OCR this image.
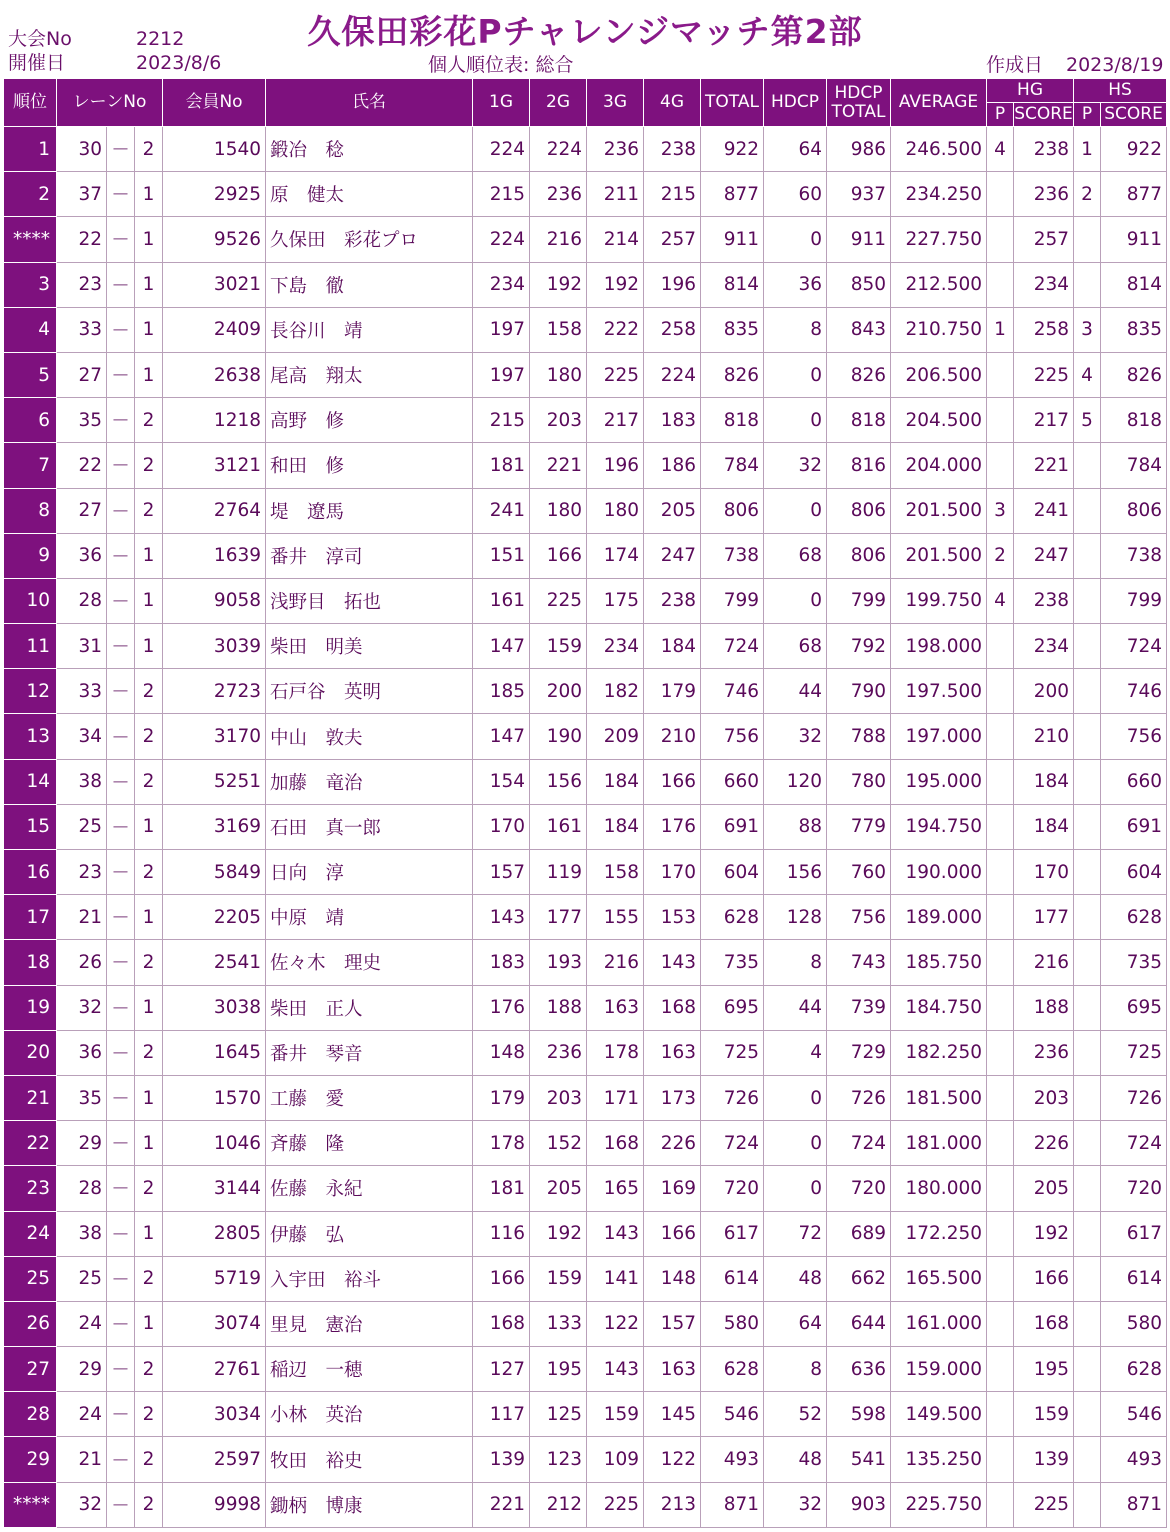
大会No	2212
開催日	2023/8/6
久保田彩花Pチャレンジマッチ第2部
個人順位表: 総合	作成日 2023/8/19
順位	レーンNo			会員No	氏名	1G	2G	3G	4G	TOTAL	HDCP	HDCP
TOTAL	AVERAGE	HG		HS	
														P	SCORE	P	SCORE
1	30	－	2	1540	鍛冶　稔	224	224	236	238	922	64	986	246.500	4	238	1	922
2	37	－	1	2925	原　健太	215	236	211	215	877	60	937	234.250		236	2	877
****	22	－	1	9526	久保田　彩花プロ	224	216	214	257	911	0	911	227.750		257		911
3	23	－	1	3021	下島　徹	234	192	192	196	814	36	850	212.500		234		814
4	33	－	1	2409	長谷川　靖	197	158	222	258	835	8	843	210.750	1	258	3	835
5	27	－	1	2638	尾高　翔太	197	180	225	224	826	0	826	206.500		225	4	826
6	35	－	2	1218	高野　修	215	203	217	183	818	0	818	204.500		217	5	818
7	22	－	2	3121	和田　修	181	221	196	186	784	32	816	204.000		221		784
8	27	－	2	2764	堤　遼馬	241	180	180	205	806	0	806	201.500	3	241		806
9	36	－	1	1639	番井　淳司	151	166	174	247	738	68	806	201.500	2	247		738
10	28	－	1	9058	浅野目　拓也	161	225	175	238	799	0	799	199.750	4	238		799
11	31	－	1	3039	柴田　明美	147	159	234	184	724	68	792	198.000		234		724
12	33	－	2	2723	石戸谷　英明	185	200	182	179	746	44	790	197.500		200		746
13	34	－	2	3170	中山　敦夫	147	190	209	210	756	32	788	197.000		210		756
14	38	－	2	5251	加藤　竜治	154	156	184	166	660	120	780	195.000		184		660
15	25	－	1	3169	石田　真一郎	170	161	184	176	691	88	779	194.750		184		691
16	23	－	2	5849	日向　淳	157	119	158	170	604	156	760	190.000		170		604
17	21	－	1	2205	中原　靖	143	177	155	153	628	128	756	189.000		177		628
18	26	－	2	2541	佐々木　理史	183	193	216	143	735	8	743	185.750		216		735
19	32	－	1	3038	柴田　正人	176	188	163	168	695	44	739	184.750		188		695
20	36	－	2	1645	番井　琴音	148	236	178	163	725	4	729	182.250		236		725
21	35	－	1	1570	工藤　愛	179	203	171	173	726	0	726	181.500		203		726
22	29	－	1	1046	斉藤　隆	178	152	168	226	724	0	724	181.000		226		724
23	28	－	2	3144	佐藤　永紀	181	205	165	169	720	0	720	180.000		205		720
24	38	－	1	2805	伊藤　弘	116	192	143	166	617	72	689	172.250		192		617
25	25	－	2	5719	入宇田　裕斗	166	159	141	148	614	48	662	165.500		166		614
26	24	－	1	3074	里見　憲治	168	133	122	157	580	64	644	161.000		168		580
27	29	－	2	2761	稲辺　一穂	127	195	143	163	628	8	636	159.000		195		628
28	24	－	2	3034	小林　英治	117	125	159	145	546	52	598	149.500		159		546
29	21	－	2	2597	牧田　裕史	139	123	109	122	493	48	541	135.250		139		493
****	32	－	2	9998	鋤柄　博康	221	212	225	213	871	32	903	225.750		225		871
